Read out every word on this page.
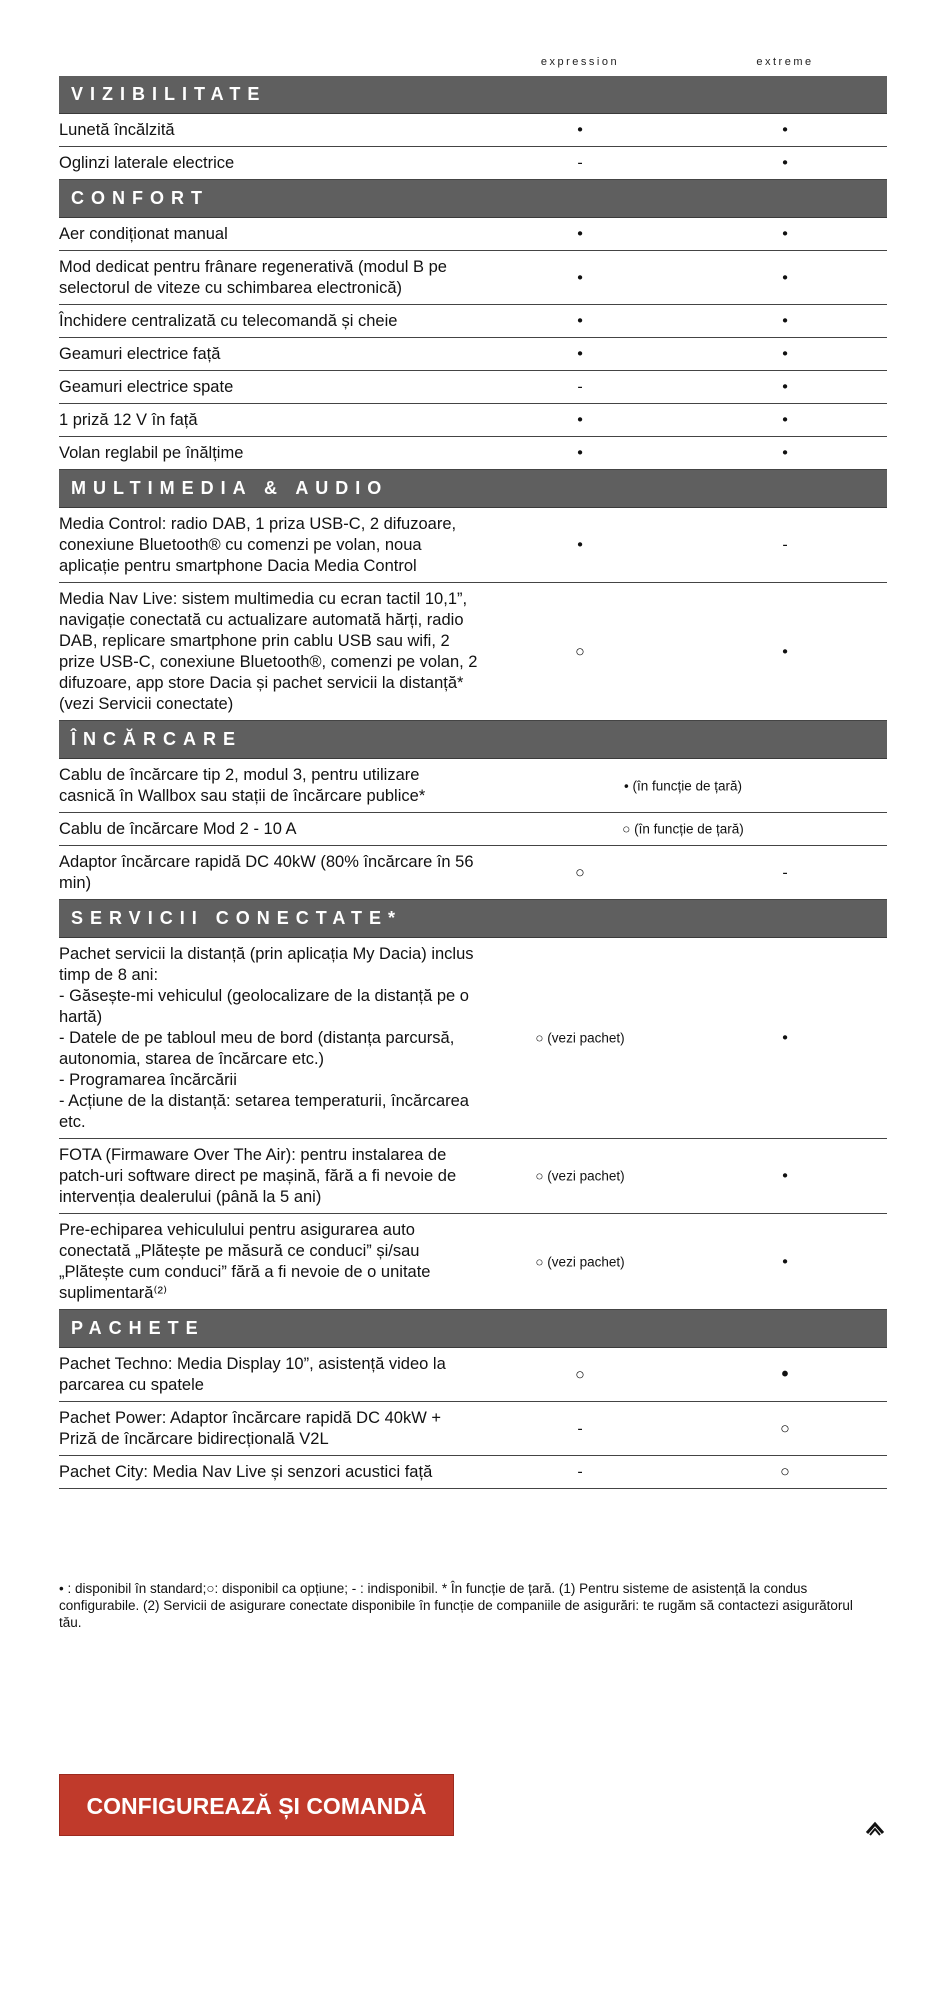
expression	extreme
VIZIBILITATE
Lunetă încălzită	•	•
Oglinzi laterale electrice	-	•
CONFORT
Aer condiționat manual	•	•
Mod dedicat pentru frânare regenerativă (modul B pe selectorul de viteze cu schimbarea electronică)
•	•
Închidere centralizată cu telecomandă și cheie	•	•
Geamuri electrice față	•	•
Geamuri electrice spate	-	•
1 priză 12 V în față	•	•
Volan reglabil pe înălțime	•	•
MULTIMEDIA & AUDIO
Media Control: radio DAB, 1 priza USB-C, 2 difuzoare, conexiune Bluetooth® cu comenzi pe volan, noua aplicație pentru smartphone Dacia Media Control
•	-
Media Nav Live: sistem multimedia cu ecran tactil 10,1”, navigație conectată cu actualizare automată hărți, radio DAB, replicare smartphone prin cablu USB sau wifi, 2 prize USB-C, conexiune Bluetooth®, comenzi pe volan, 2 difuzoare, app store Dacia și pachet servicii la distanță* (vezi Servicii conectate)
○	•
ÎNCĂRCARE
Cablu de încărcare tip 2, modul 3, pentru utilizare casnică în Wallbox sau stații de încărcare publice*
• (în funcție de țară)
Cablu de încărcare Mod 2 - 10 A	○ (în funcție de țară)
Adaptor încărcare rapidă DC 40kW (80% încărcare în 56 min)
○	-
SERVICII CONECTATE*
Pachet servicii la distanță (prin aplicația My Dacia) inclus timp de 8 ani:
- Găsește-mi vehiculul (geolocalizare de la distanță pe o hartă)
- Datele de pe tabloul meu de bord (distanța parcursă, autonomia, starea de încărcare etc.)
- Programarea încărcării
- Acțiune de la distanță: setarea temperaturii, încărcarea etc.
○ (vezi pachet)	•
FOTA (Firmaware Over The Air): pentru instalarea de patch-uri software direct pe mașină, fără a fi nevoie de intervenția dealerului (până la 5 ani)
○ (vezi pachet)	•
Pre-echiparea vehiculului pentru asigurarea auto conectată „Plătește pe măsură ce conduci” și/sau „Plătește cum conduci” fără a fi nevoie de o unitate suplimentară⁽²⁾
○ (vezi pachet)	•
PACHETE
Pachet Techno: Media Display 10”, asistență video la parcarea cu spatele
○	•
Pachet Power: Adaptor încărcare rapidă DC 40kW + Priză de încărcare bidirecțională V2L
-	○
Pachet City: Media Nav Live și senzori acustici față	-	○
• : disponibil în standard;○: disponibil ca opțiune; - : indisponibil. * În funcție de țară. (1) Pentru sisteme de asistență la condus configurabile. (2) Servicii de asigurare conectate disponibile în funcție de companiile de asigurări: te rugăm să contactezi asigurătorul tău.
CONFIGUREAZĂ ȘI COMANDĂ
